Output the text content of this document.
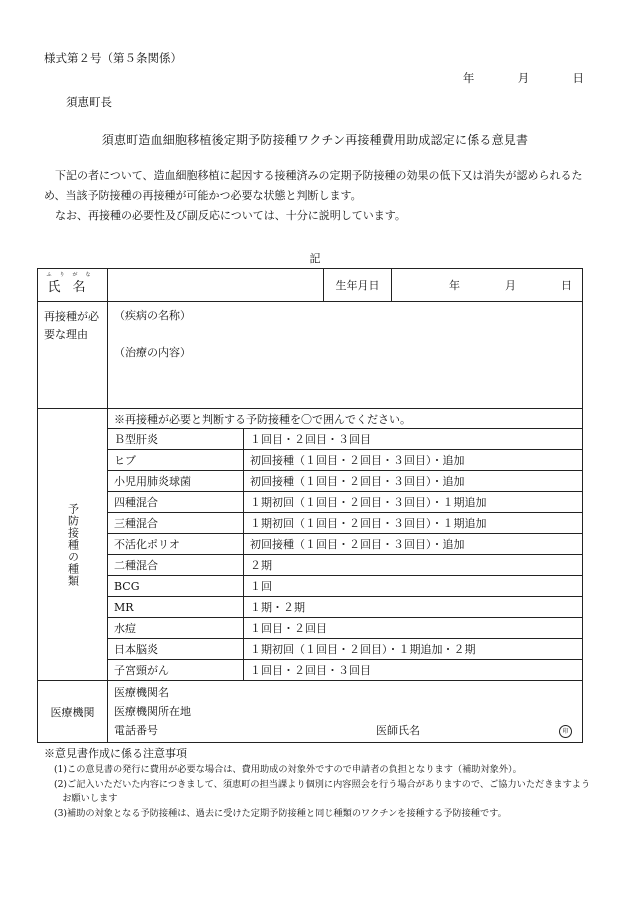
様式第２号（第５条関係）
年	月	日
須恵町長
須恵町造血細胞移植後定期予防接種ワクチン再接種費用助成認定に係る意見書

下記の者について、造血細胞移植に起因する接種済みの定期予防接種の効果の低下又は消失が認められるため、当該予防接種の再接種が可能かつ必要な状態と判断します。

なお、再接種の必要性及び副反応については、十分に説明しています。

記
ふりがな
氏名			生年月日	年 月 日
再接種が必要な理由	（疾病の名称）
（治療の内容）			

予防接種の種類	※再接種が必要と判断する予防接種を〇で囲んでください。			
	Ｂ型肝炎	１回目・２回目・３回目		
	ヒブ	初回接種（１回目・２回目・３回目）・追加		
	小児用肺炎球菌	初回接種（１回目・２回目・３回目）・追加		
	四種混合	１期初回（１回目・２回目・３回目）・１期追加		
	三種混合	１期初回（１回目・２回目・３回目）・１期追加		
	不活化ポリオ	初回接種（１回目・２回目・３回目）・追加		
	二種混合	２期		
	BCG	１回		
	MR	１期・２期		
	水痘	１回目・２回目		
	日本脳炎	１期初回（１回目・２回目）・１期追加・２期		
	子宮頸がん	１回目・２回目・３回目		
医療機関	医療機関名
医療機関所在地
電話番号 医師氏名 印			
※意見書作成に係る注意事項

(1)この意見書の発行に費用が必要な場合は、費用助成の対象外ですので申請者の負担となります（補助対象外）。

(2)ご記入いただいた内容につきまして、須恵町の担当課より個別に内容照会を行う場合がありますので、ご協力いただきますようお願いします

(3)補助の対象となる予防接種は、過去に受けた定期予防接種と同じ種類のワクチンを接種する予防接種です。
